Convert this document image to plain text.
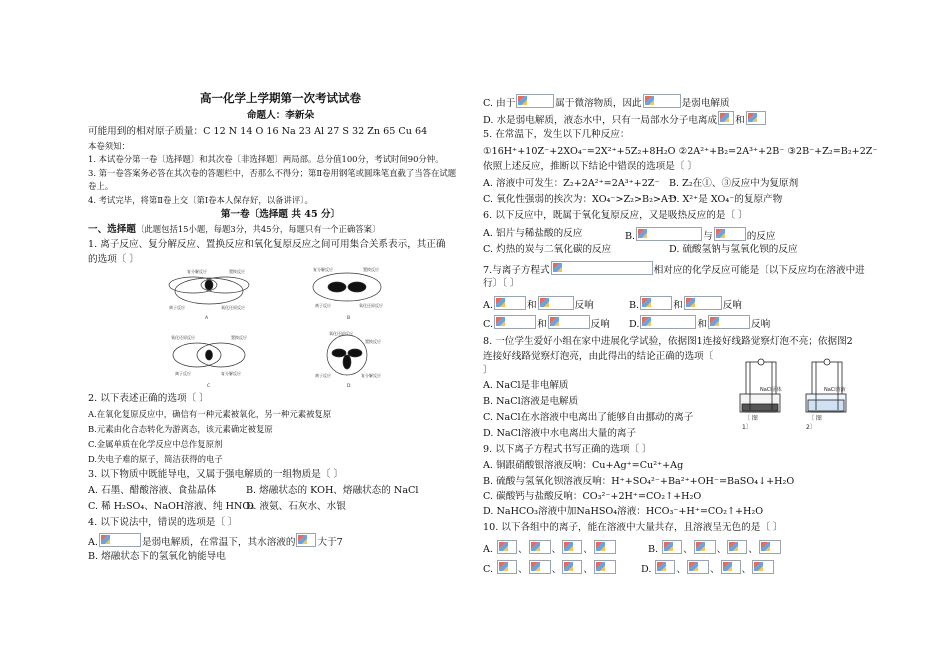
高一化学上学期第一次考试试卷
命题人：李新朵
可能用到的相对原子质量：C 12 N 14 O 16 Na 23 Al 27 S 32 Zn 65 Cu 64
本卷须知：
1. 本试卷分第一卷〔选择题〕和其次卷〔非选择题〕两局部。总分值100分，考试时间90分钟。
3. 第一卷答案务必答在其次卷的答题栏中，否那么不得分；第Ⅱ卷用钢笔或圆珠笔直截了当答在试题
卷上。
4. 考试完毕，将第Ⅱ卷上交〔第Ⅰ卷本人保存好，以备讲评〕。
第一卷〔选择题 共 45 分〕
一、选择题〔此题包括15小题，每题3分，共45分，每题只有一个正确答案〕
1. 离子反应、复分解反应、置换反应和氧化复原反应之间可用集合关系表示，其正确
的选项〔 〕
复分解反应	置换反应
离子反应	氧化还原反应
A
复分解反应	置换反应
离子反应	氧化还原反应
B
氧化还原反应	置换反应
离子反应	复分解反应
C
氧化还原反应
置换反应
离子反应	复分解反应
D
2. 以下表述正确的选项〔 〕
A.在氧化复原反应中，确信有一种元素被氧化，另一种元素被复原
B.元素由化合态转化为游离态，该元素确定被复原
C.金属单质在化学反应中总作复原剂
D.失电子难的原子，简洁获得的电子
3. 以下物质中既能导电，又属于强电解质的一组物质是〔 〕
A. 石墨、醋酸溶液、食盐晶体	B. 熔融状态的 KOH、熔融状态的 NaCl
C. 稀 H₂SO₄、NaOH溶液、纯 HNO₃
D. 液氨、石灰水、水银
4. 以下说法中，错误的选项是〔 〕
A.	是弱电解质，在常温下，其水溶液的 大于7
B. 熔融状态下的氢氧化钠能导电
C. 由于	属于微溶物质，因此	是弱电解质
D. 水是弱电解质，液态水中，只有一局部水分子电离成 和
5. 在常温下，发生以下几种反应：
①16H⁺+10Z⁻+2XO₄⁻=2X²⁺+5Z₂+8H₂O ②2A²⁺+B₂=2A³⁺+2B⁻ ③2B⁻+Z₂=B₂+2Z⁻
依照上述反应，推断以下结论中错误的选项是〔 〕
A. 溶液中可发生：Z₂+2A²⁺=2A³⁺+2Z⁻ B. Z₂在①、③反应中为复原剂
C. 氧化性强弱的挨次为：XO₄⁻>Z₂>B₂>A³⁺
D. X²⁺是 XO₄⁻的复原产物
6. 以下反应中，既属于氧化复原反应，又是吸热反应的是〔 〕
A. 铝片与稀盐酸的反应	B.	与	的反应
C. 灼热的炭与二氧化碳的反应	D. 硫酸氢钠与氢氧化钡的反应
7.与离子方程式	相对应的化学反应可能是〔以下反应均在溶液中进
行〕〔 〕
A.	和	反响	B.	和	反响
C.	和	反响 D.	和	反响
8. 一位学生爱好小组在家中进展化学试验，依据图1连接好线路觉察灯泡不亮；依据图2
连接好线路觉察灯泡亮，由此得出的结论正确的选项〔
〕
A. NaCl是非电解质
B. NaCl溶液是电解质
C. NaCl在水溶液中电离出了能够自由挪动的离子
D. NaCl溶液中水电离出大量的离子
NaCl固体	NaCl溶液
〔 图
1〕
〔 图
2〕
9. 以下离子方程式书写正确的选项〔 〕
A. 铜跟硝酸银溶液反响：Cu+Ag⁺=Cu²⁺+Ag
B. 硫酸与氢氧化钡溶液反响：H⁺+SO₄²⁻+Ba²⁺+OH⁻=BaSO₄↓+H₂O
C. 碳酸钙与盐酸反响：CO₃²⁻+2H⁺=CO₂↑+H₂O
D. NaHCO₃溶液中加NaHSO₄溶液：HCO₃⁻+H⁺=CO₂↑+H₂O
10. 以下各组中的离子，能在溶液中大量共存，且溶液呈无色的是〔 〕
A.	、	、 、	B.	、	、 、
C.	、	、 、	D.	、	、 、
